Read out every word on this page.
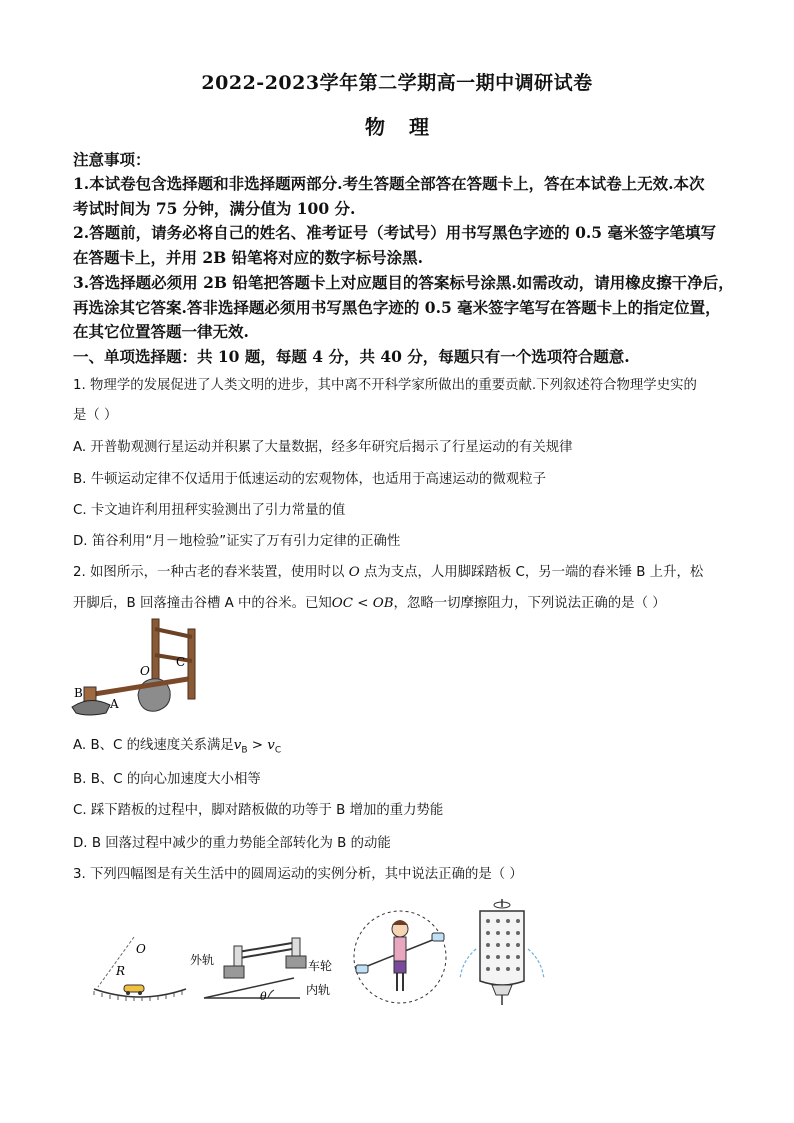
2022-2023学年第二学期高一期中调研试卷
物 理
注意事项：
1.本试卷包含选择题和非选择题两部分.考生答题全部答在答题卡上，答在本试卷上无效.本次
考试时间为 75 分钟，满分值为 100 分.
2.答题前，请务必将自己的姓名、准考证号（考试号）用书写黑色字迹的 0.5 毫米签字笔填写
在答题卡上，并用 2B 铅笔将对应的数字标号涂黑.
3.答选择题必须用 2B 铅笔把答题卡上对应题目的答案标号涂黑.如需改动，请用橡皮擦干净后，
再选涂其它答案.答非选择题必须用书写黑色字迹的 0.5 毫米签字笔写在答题卡上的指定位置，
在其它位置答题一律无效.
一、单项选择题：共 10 题，每题 4 分，共 40 分，每题只有一个选项符合题意.
1. 物理学的发展促进了人类文明的进步，其中离不开科学家所做出的重要贡献.下列叙述符合物理学史实的
是（ ）
A. 开普勒观测行星运动并积累了大量数据，经多年研究后揭示了行星运动的有关规律
B. 牛顿运动定律不仅适用于低速运动的宏观物体，也适用于高速运动的微观粒子
C. 卡文迪许利用扭秤实验测出了引力常量的值
D. 笛谷利用“月－地检验”证实了万有引力定律的正确性
2. 如图所示，一种古老的舂米装置，使用时以 O 点为支点，人用脚踩踏板 C，另一端的舂米锤 B 上升，松
开脚后，B 回落撞击谷槽 A 中的谷米。已知OC < OB，忽略一切摩擦阻力，下列说法正确的是（ ）
O
C
B
A
A. B、C 的线速度关系满足$v_B > v_C$
B. B、C 的向心加速度大小相等
C. 踩下踏板的过程中，脚对踏板做的功等于 B 增加的重力势能
D. B 回落过程中减少的重力势能全部转化为 B 的动能
3. 下列四幅图是有关生活中的圆周运动的实例分析，其中说法正确的是（ ）
O
R
外轨	车轮
内轨
θ
